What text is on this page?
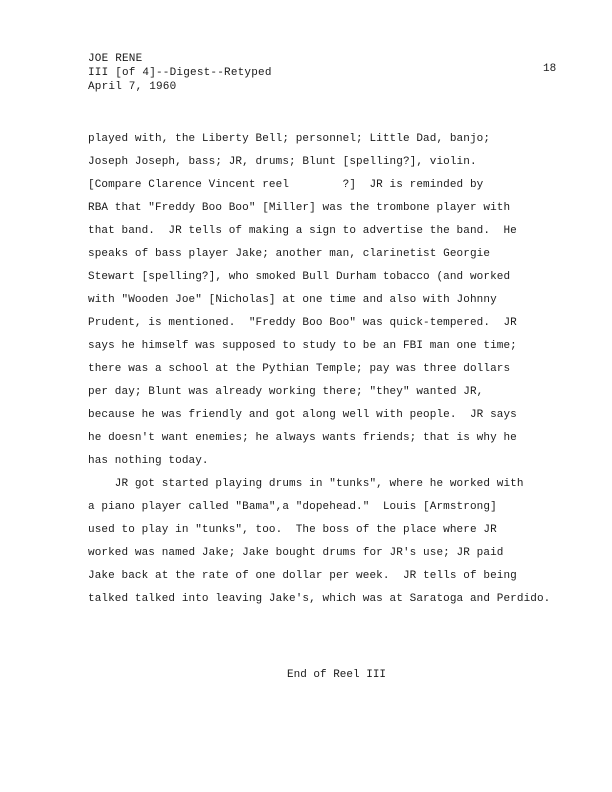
JOE RENE
III [of 4]--Digest--Retyped
April 7, 1960
18
played with, the Liberty Bell; personnel; Little Dad, banjo;
Joseph Joseph, bass; JR, drums; Blunt [spelling?], violin.
[Compare Clarence Vincent reel        ?]  JR is reminded by
RBA that "Freddy Boo Boo" [Miller] was the trombone player with
that band.  JR tells of making a sign to advertise the band.  He
speaks of bass player Jake; another man, clarinetist Georgie
Stewart [spelling?], who smoked Bull Durham tobacco (and worked
with "Wooden Joe" [Nicholas] at one time and also with Johnny
Prudent, is mentioned.  "Freddy Boo Boo" was quick-tempered.  JR
says he himself was supposed to study to be an FBI man one time;
there was a school at the Pythian Temple; pay was three dollars
per day; Blunt was already working there; "they" wanted JR,
because he was friendly and got along well with people.  JR says
he doesn't want enemies; he always wants friends; that is why he
has nothing today.
JR got started playing drums in "tunks", where he worked with
a piano player called "Bama",a "dopehead."  Louis [Armstrong]
used to play in "tunks", too.  The boss of the place where JR
worked was named Jake; Jake bought drums for JR's use; JR paid
Jake back at the rate of one dollar per week.  JR tells of being
talked talked into leaving Jake's, which was at Saratoga and Perdido.
End of Reel III
